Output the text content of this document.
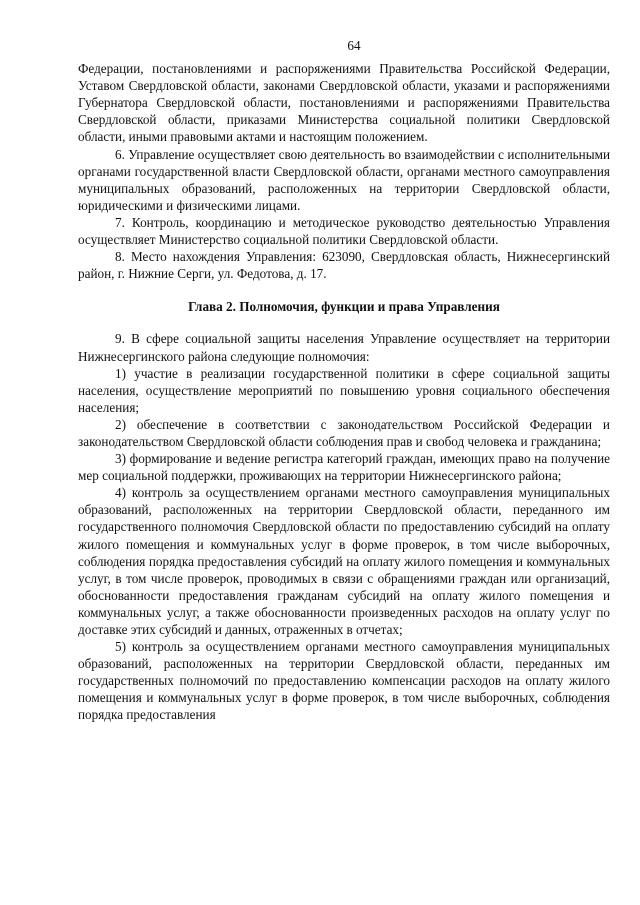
64

Федерации, постановлениями и распоряжениями Правительства Российской Федерации, Уставом Свердловской области, законами Свердловской области, указами и распоряжениями Губернатора Свердловской области, постановлениями и распоряжениями Правительства Свердловской области, приказами Министерства социальной политики Свердловской области, иными правовыми актами и настоящим положением.

6. Управление осуществляет свою деятельность во взаимодействии с исполнительными органами государственной власти Свердловской области, органами местного самоуправления муниципальных образований, расположенных на территории Свердловской области, юридическими и физическими лицами.

7. Контроль, координацию и методическое руководство деятельностью Управления осуществляет Министерство социальной политики Свердловской области.

8. Место нахождения Управления: 623090, Свердловская область, Нижнесергинский район, г. Нижние Серги, ул. Федотова, д. 17.

Глава 2. Полномочия, функции и права Управления

9. В сфере социальной защиты населения Управление осуществляет на территории Нижнесергинского района следующие полномочия:

1) участие в реализации государственной политики в сфере социальной защиты населения, осуществление мероприятий по повышению уровня социального обеспечения населения;

2) обеспечение в соответствии с законодательством Российской Федерации и законодательством Свердловской области соблюдения прав и свобод человека и гражданина;

3) формирование и ведение регистра категорий граждан, имеющих право на получение мер социальной поддержки, проживающих на территории Нижнесергинского района;

4) контроль за осуществлением органами местного самоуправления муниципальных образований, расположенных на территории Свердловской области, переданного им государственного полномочия Свердловской области по предоставлению субсидий на оплату жилого помещения и коммунальных услуг в форме проверок, в том числе выборочных, соблюдения порядка предоставления субсидий на оплату жилого помещения и коммунальных услуг, в том числе проверок, проводимых в связи с обращениями граждан или организаций, обоснованности предоставления гражданам субсидий на оплату жилого помещения и коммунальных услуг, а также обоснованности произведенных расходов на оплату услуг по доставке этих субсидий и данных, отраженных в отчетах;

5) контроль за осуществлением органами местного самоуправления муниципальных образований, расположенных на территории Свердловской области, переданных им государственных полномочий по предоставлению компенсации расходов на оплату жилого помещения и коммунальных услуг в форме проверок, в том числе выборочных, соблюдения порядка предоставления
